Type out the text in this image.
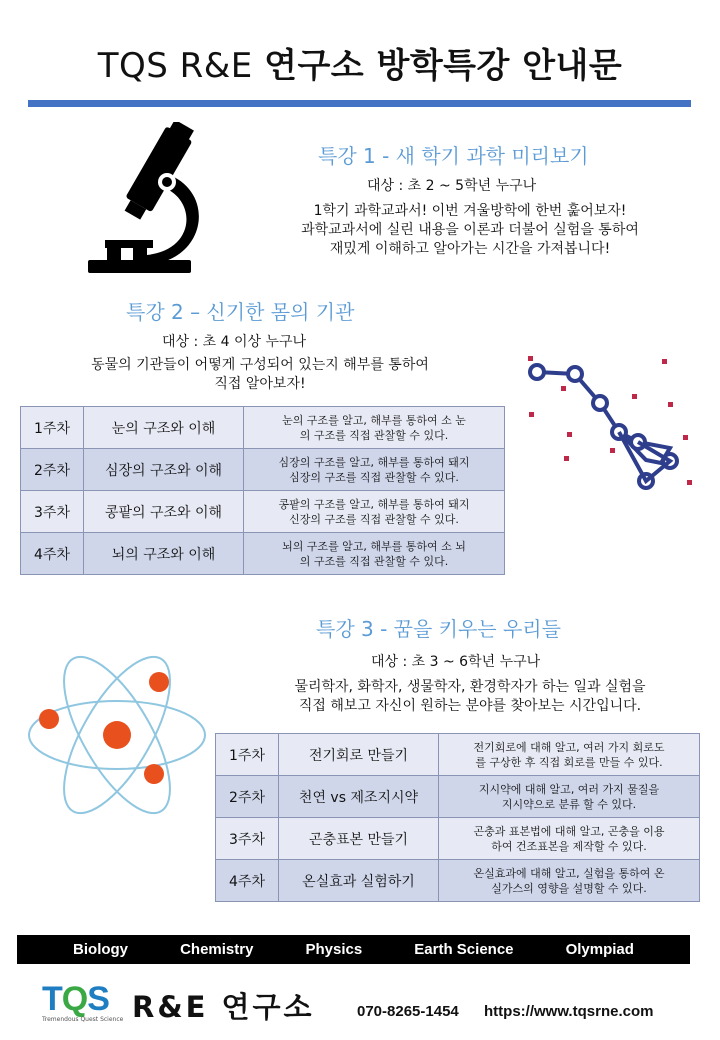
TQS R&E 연구소 방학특강 안내문
특강 1 - 새 학기 과학 미리보기
대상 : 초 2 ~ 5학년 누구나
1학기 과학교과서! 이번 겨울방학에 한번 훑어보자!
과학교과서에 실린 내용을 이론과 더불어 실험을 통하여
재밌게 이해하고 알아가는 시간을 가져봅니다!
특강 2 – 신기한 몸의 기관
대상 : 초 4 이상 누구나
동물의 기관들이 어떻게 구성되어 있는지 해부를 통하여
직접 알아보자!
1주차	눈의 구조와 이해	눈의 구조를 알고, 해부를 통하여 소 눈
의 구조를 직접 관찰할 수 있다.

2주차	심장의 구조와 이해	심장의 구조를 알고, 해부를 통하여 돼지
심장의 구조를 직접 관찰할 수 있다.

3주차	콩팥의 구조와 이해	콩팥의 구조를 알고, 해부를 통하여 돼지
신장의 구조를 직접 관찰할 수 있다.

4주차	뇌의 구조와 이해	뇌의 구조를 알고, 해부를 통하여 소 뇌
의 구조를 직접 관찰할 수 있다.
특강 3 - 꿈을 키우는 우리들
대상 : 초 3 ~ 6학년 누구나
물리학자, 화학자, 생물학자, 환경학자가 하는 일과 실험을
직접 해보고 자신이 원하는 분야를 찾아보는 시간입니다.
1주차	전기회로 만들기	전기회로에 대해 알고, 여러 가지 회로도
를 구상한 후 직접 회로를 만들 수 있다.

2주차	천연 vs 제조지시약	지시약에 대해 알고, 여러 가지 물질을
지시약으로 분류 할 수 있다.

3주차	곤충표본 만들기	곤충과 표본법에 대해 알고, 곤충을 이용
하여 건조표본을 제작할 수 있다.

4주차	온실효과 실험하기	온실효과에 대해 알고, 실험을 통하여 온
실가스의 영향을 설명할 수 있다.
Biology	Chemistry	Physics	Earth Science	Olympiad
TQS
Tremendous Quest Science R&E 연구소	070-8265-1454 https://www.tqsrne.com
